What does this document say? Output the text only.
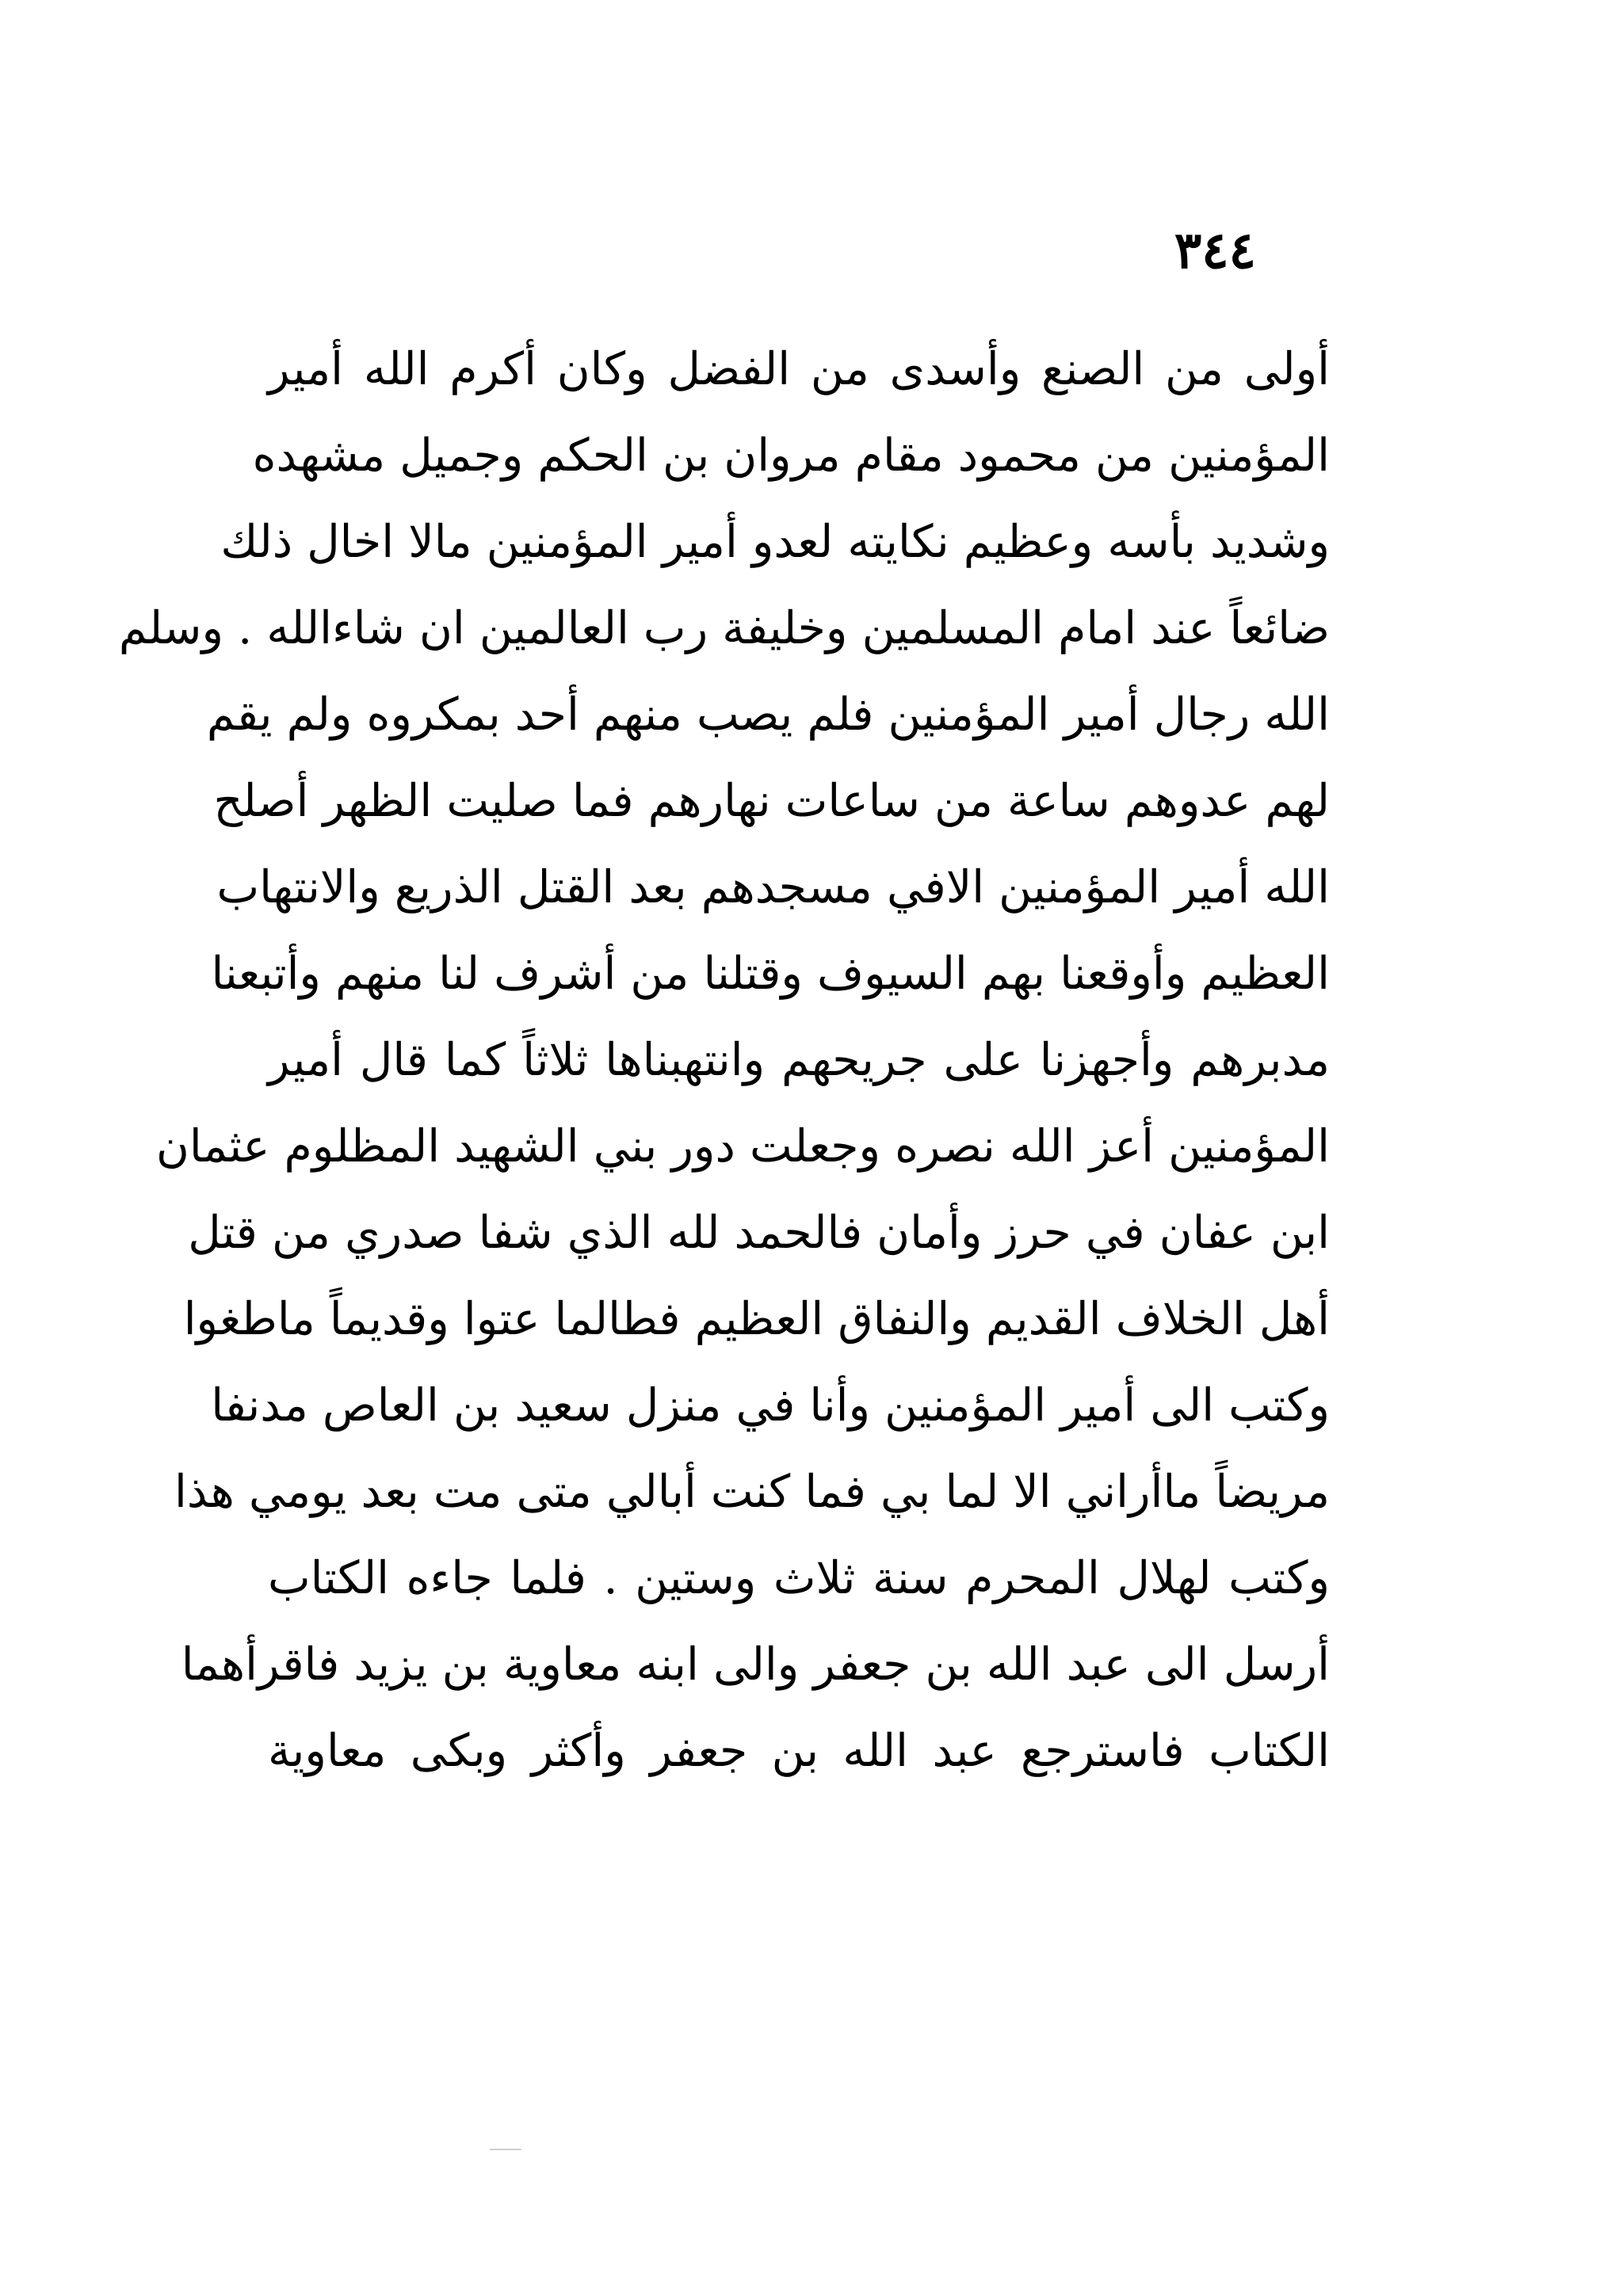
٣٤٤
أولى من الصنع وأسدى من الفضل وكان أكرم الله أمير
المؤمنين من محمود مقام مروان بن الحكم وجميل مشهده
وشديد بأسه وعظيم نكايته لعدو أمير المؤمنين مالا اخال ذلك
ضائعاً عند امام المسلمين وخليفة رب العالمين ان شاءالله . وسلم
الله رجال أمير المؤمنين فلم يصب منهم أحد بمكروه ولم يقم
لهم عدوهم ساعة من ساعات نهارهم فما صليت الظهر أصلح
الله أمير المؤمنين الافي مسجدهم بعد القتل الذريع والانتهاب
العظيم وأوقعنا بهم السيوف وقتلنا من أشرف لنا منهم وأتبعنا
مدبرهم وأجهزنا على جريحهم وانتهبناها ثلاثاً كما قال أمير
المؤمنين أعز الله نصره وجعلت دور بني الشهيد المظلوم عثمان
ابن عفان في حرز وأمان فالحمد لله الذي شفا صدري من قتل
أهل الخلاف القديم والنفاق العظيم فطالما عتوا وقديماً ماطغوا
وكتب الى أمير المؤمنين وأنا في منزل سعيد بن العاص مدنفا
مريضاً ماأراني الا لما بي فما كنت أبالي متى مت بعد يومي هذا
وكتب لهلال المحرم سنة ثلاث وستين . فلما جاءه الكتاب
أرسل الى عبد الله بن جعفر والى ابنه معاوية بن يزيد فاقرأهما
الكتاب فاسترجع عبد الله بن جعفر وأكثر وبكى معاوية
